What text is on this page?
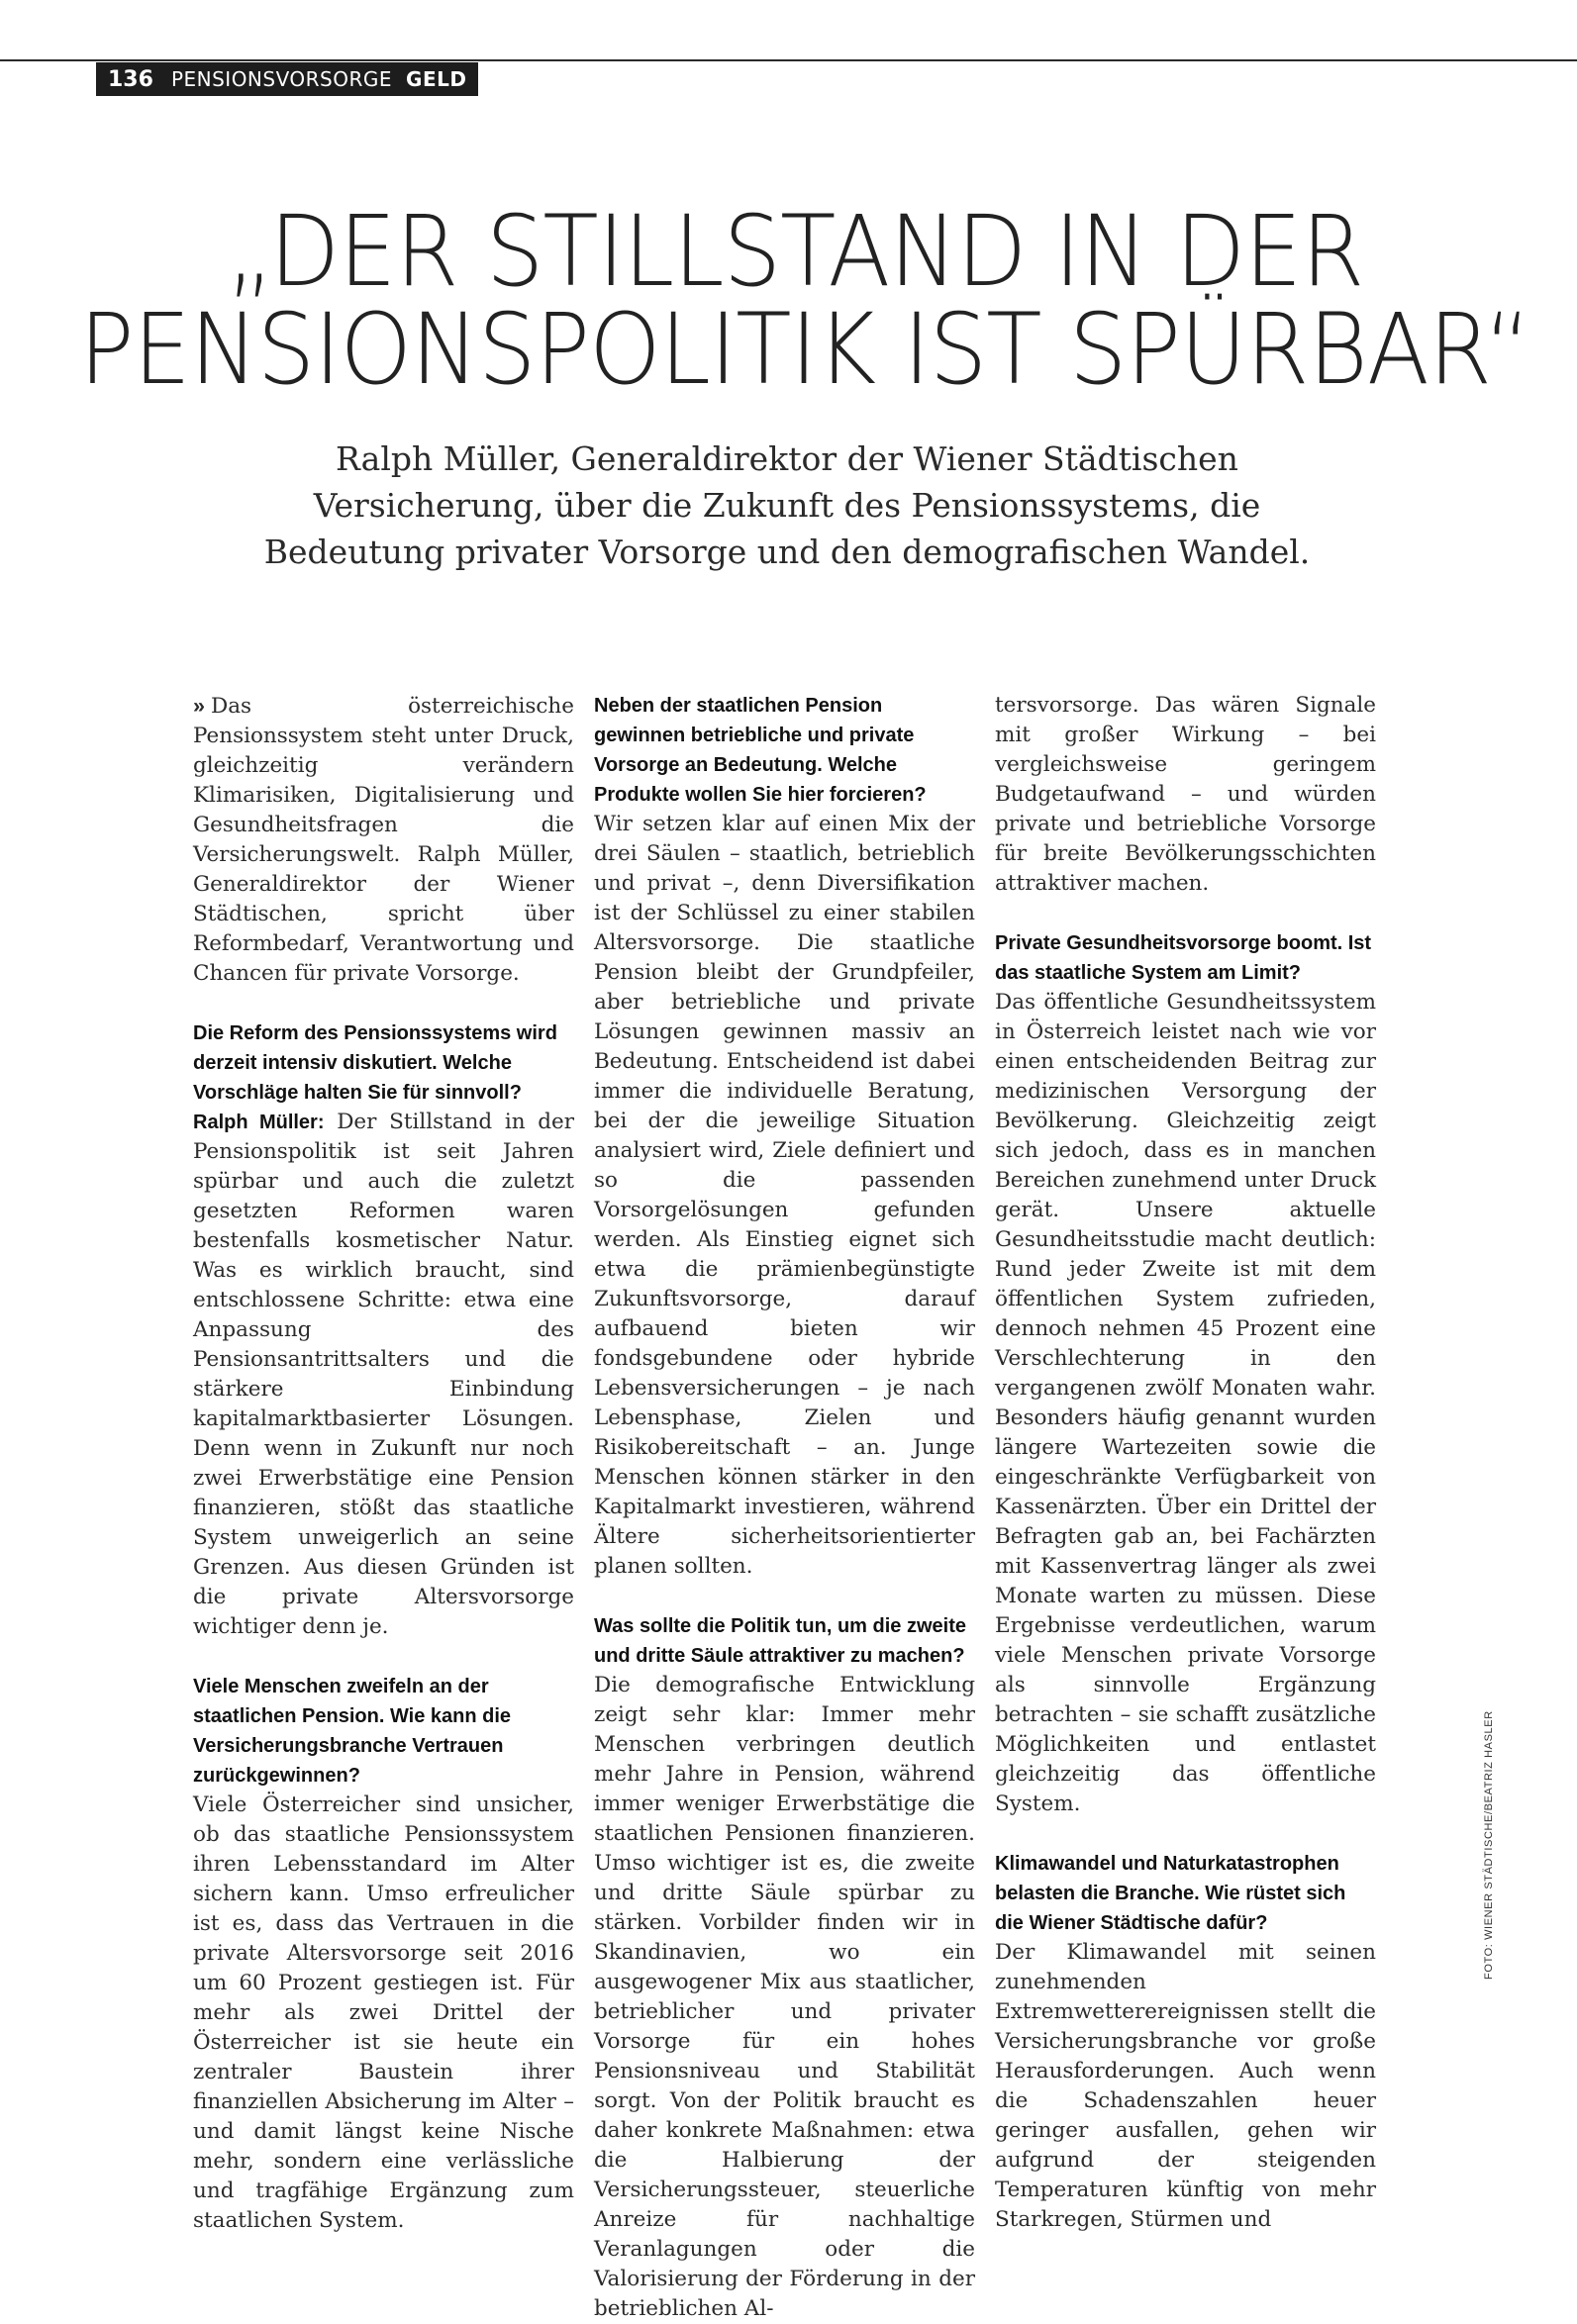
136 PENSIONSVORSORGE GELD
„DER STILLSTAND IN DER
PENSIONSPOLITIK IST SPÜRBAR“
Ralph Müller, Generaldirektor der Wiener Städtischen Versicherung, über die Zukunft des Pensionssystems, die Bedeutung privater Vorsorge und den demografischen Wandel.

» Das österreichische Pensionssystem steht unter Druck, gleichzeitig verändern Klimarisiken, Digitalisierung und Gesundheitsfragen die Versicherungswelt. Ralph Müller, Generaldirektor der Wiener Städtischen, spricht über Reformbedarf, Verantwortung und Chancen für private Vorsorge.

Die Reform des Pensionssystems wird derzeit intensiv diskutiert. Welche Vorschläge halten Sie für sinnvoll?

Ralph Müller: Der Stillstand in der Pensionspolitik ist seit Jahren spürbar und auch die zuletzt gesetzten Reformen waren bestenfalls kosmetischer Natur. Was es wirklich braucht, sind entschlossene Schritte: etwa eine Anpassung des Pensionsantrittsalters und die stärkere Einbindung kapitalmarktbasierter Lösungen. Denn wenn in Zukunft nur noch zwei Erwerbstätige eine Pension finanzieren, stößt das staatliche System unweigerlich an seine Grenzen. Aus diesen Gründen ist die private Altersvorsorge wichtiger denn je.

Viele Menschen zweifeln an der staatlichen Pension. Wie kann die Versicherungsbranche Vertrauen zurückgewinnen?

Viele Österreicher sind unsicher, ob das staatliche Pensionssystem ihren Lebensstandard im Alter sichern kann. Umso erfreulicher ist es, dass das Vertrauen in die private Altersvorsorge seit 2016 um 60 Prozent gestiegen ist. Für mehr als zwei Drittel der Österreicher ist sie heute ein zentraler Baustein ihrer finanziellen Absicherung im Alter – und damit längst keine Nische mehr, sondern eine verlässliche und tragfähige Ergänzung zum staatlichen System.

Neben der staatlichen Pension gewinnen betriebliche und private Vorsorge an Bedeutung. Welche Produkte wollen Sie hier forcieren?

Wir setzen klar auf einen Mix der drei Säulen – staatlich, betrieblich und privat –, denn Diversifikation ist der Schlüssel zu einer stabilen Altersvorsorge. Die staatliche Pension bleibt der Grundpfeiler, aber betriebliche und private Lösungen gewinnen massiv an Bedeutung. Entscheidend ist dabei immer die individuelle Beratung, bei der die jeweilige Situation analysiert wird, Ziele definiert und so die passenden Vorsorgelösungen gefunden werden. Als Einstieg eignet sich etwa die prämienbegünstigte Zukunftsvorsorge, darauf aufbauend bieten wir fondsgebundene oder hybride Lebensversicherungen – je nach Lebensphase, Zielen und Risikobereitschaft – an. Junge Menschen können stärker in den Kapitalmarkt investieren, während Ältere sicherheitsorientierter planen sollten.

Was sollte die Politik tun, um die zweite und dritte Säule attraktiver zu machen?

Die demografische Entwicklung zeigt sehr klar: Immer mehr Menschen verbringen deutlich mehr Jahre in Pension, während immer weniger Erwerbstätige die staatlichen Pensionen finanzieren. Umso wichtiger ist es, die zweite und dritte Säule spürbar zu stärken. Vorbilder finden wir in Skandinavien, wo ein ausgewogener Mix aus staatlicher, betrieblicher und privater Vorsorge für ein hohes Pensionsniveau und Stabilität sorgt. Von der Politik braucht es daher konkrete Maßnahmen: etwa die Halbierung der Versicherungssteuer, steuerliche Anreize für nachhaltige Veranlagungen oder die Valorisierung der Förderung in der betrieblichen Al-

tersvorsorge. Das wären Signale mit großer Wirkung – bei vergleichsweise geringem Budgetaufwand – und würden private und betriebliche Vorsorge für breite Bevölkerungsschichten attraktiver machen.

Private Gesundheitsvorsorge boomt. Ist das staatliche System am Limit?

Das öffentliche Gesundheitssystem in Österreich leistet nach wie vor einen entscheidenden Beitrag zur medizinischen Versorgung der Bevölkerung. Gleichzeitig zeigt sich jedoch, dass es in manchen Bereichen zunehmend unter Druck gerät. Unsere aktuelle Gesundheitsstudie macht deutlich: Rund jeder Zweite ist mit dem öffentlichen System zufrieden, dennoch nehmen 45 Prozent eine Verschlechterung in den vergangenen zwölf Monaten wahr. Besonders häufig genannt wurden längere Wartezeiten sowie die eingeschränkte Verfügbarkeit von Kassenärzten. Über ein Drittel der Befragten gab an, bei Fachärzten mit Kassenvertrag länger als zwei Monate warten zu müssen. Diese Ergebnisse verdeutlichen, warum viele Menschen private Vorsorge als sinnvolle Ergänzung betrachten – sie schafft zusätzliche Möglichkeiten und entlastet gleichzeitig das öffentliche System.

Klimawandel und Naturkatastrophen belasten die Branche. Wie rüstet sich die Wiener Städtische dafür?

Der Klimawandel mit seinen zunehmenden Extremwetterereignissen stellt die Versicherungsbranche vor große Herausforderungen. Auch wenn die Schadenszahlen heuer geringer ausfallen, gehen wir aufgrund der steigenden Temperaturen künftig von mehr Starkregen, Stürmen und

FOTO: WIENER STÄDTISCHE/BEATRIZ HASLER
